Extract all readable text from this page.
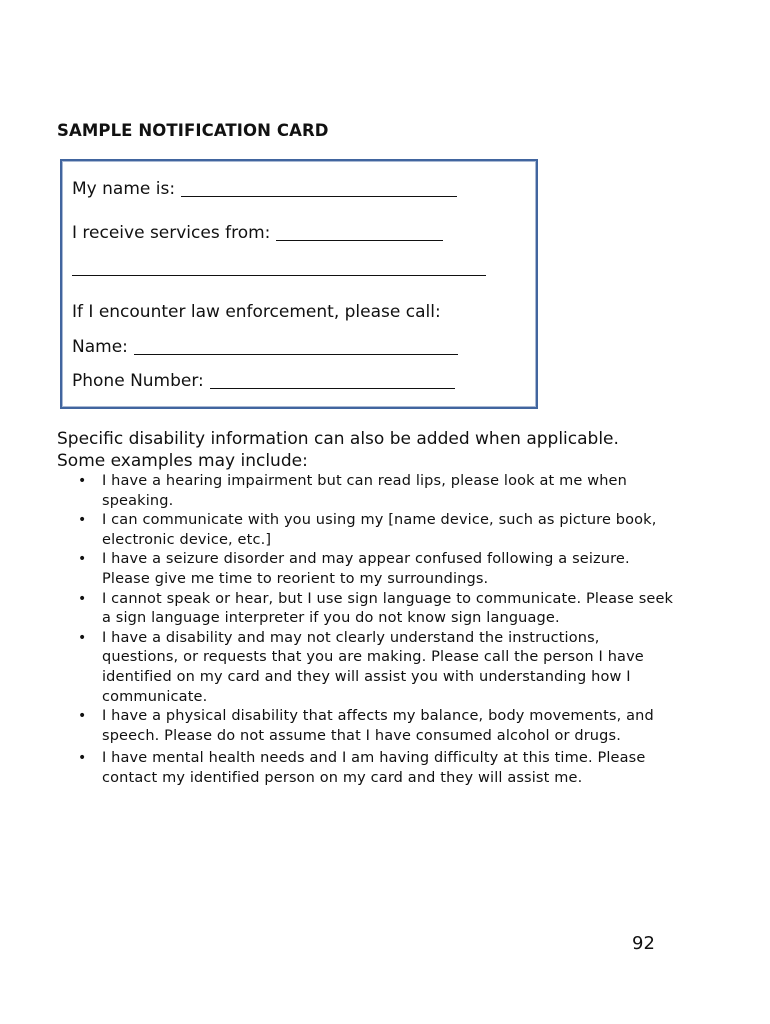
SAMPLE NOTIFICATION CARD
My name is:
I receive services from:
If I encounter law enforcement, please call:
Name:
Phone Number:

Specific disability information can also be added when applicable.
Some examples may include:

• I have a hearing impairment but can read lips, please look at me when speaking.
• I can communicate with you using my [name device, such as picture book, electronic device, etc.]
• I have a seizure disorder and may appear confused following a seizure. Please give me time to reorient to my surroundings.
• I cannot speak or hear, but I use sign language to communicate. Please seek a sign language interpreter if you do not know sign language.
• I have a disability and may not clearly understand the instructions, questions, or requests that you are making. Please call the person I have identified on my card and they will assist you with understanding how I communicate.
• I have a physical disability that affects my balance, body movements, and speech. Please do not assume that I have consumed alcohol or drugs.
• I have mental health needs and I am having difficulty at this time. Please contact my identified person on my card and they will assist me.
92
